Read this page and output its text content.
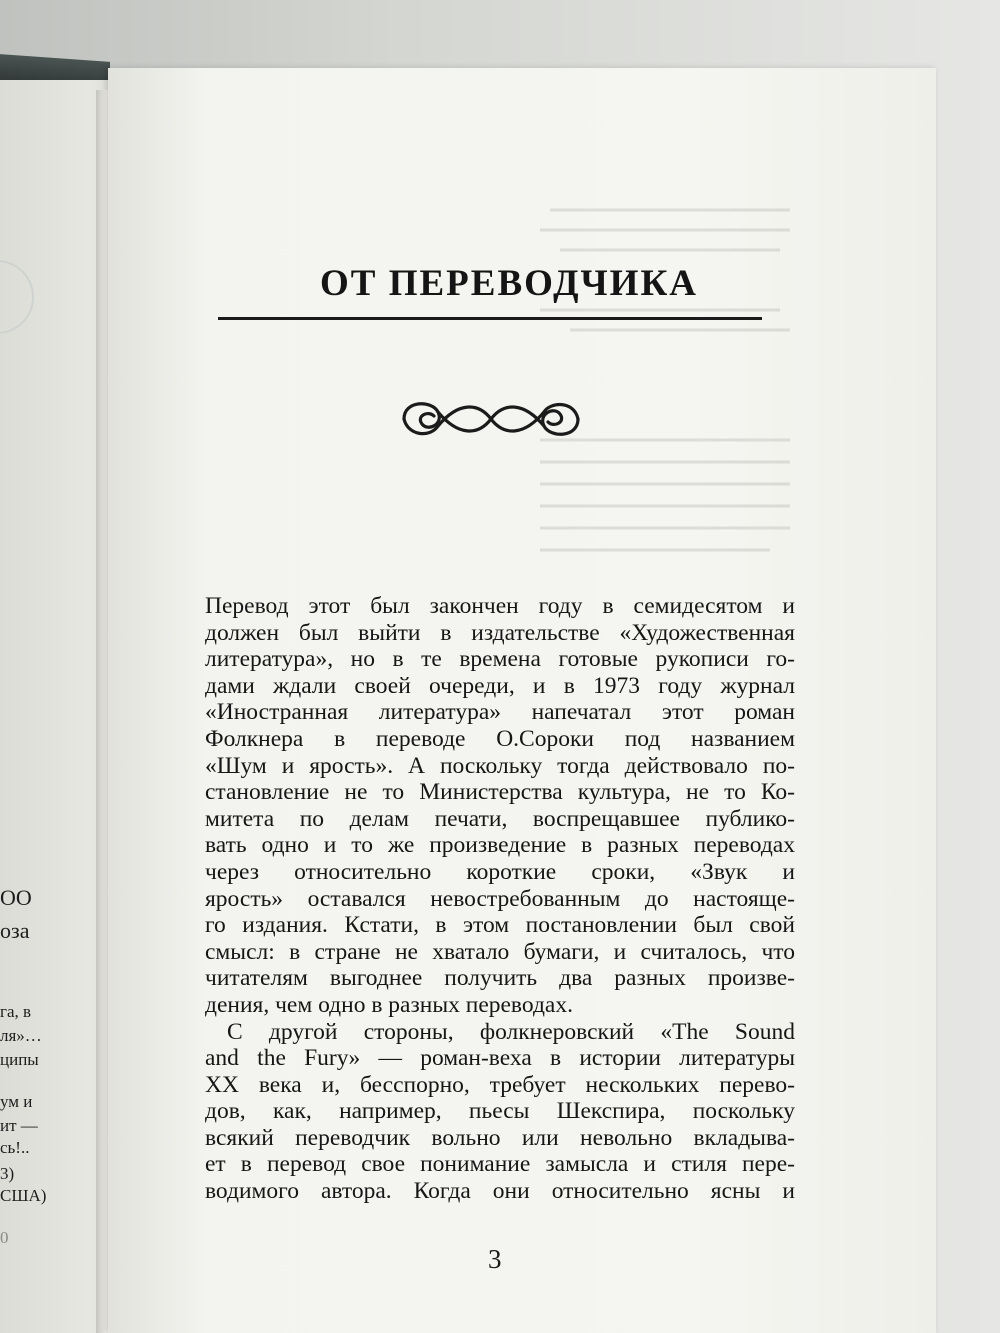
ОО
оза
га, в
ля»…
ципы
ум и
ит —
сь!..
3)
США)
0
ОТ ПЕРЕВОДЧИКА
Перевод этот был закончен году в семидесятом и
должен был выйти в издательстве «Художественная
литература», но в те времена готовые рукописи го-
дами ждали своей очереди, и в 1973 году журнал
«Иностранная литература» напечатал этот роман
Фолкнера в переводе О.Сороки под названием
«Шум и ярость». А поскольку тогда действовало по-
становление не то Министерства культура, не то Ко-
митета по делам печати, воспрещавшее публико-
вать одно и то же произведение в разных переводах
через относительно короткие сроки, «Звук и
ярость» оставался невостребованным до настояще-
го издания. Кстати, в этом постановлении был свой
смысл: в стране не хватало бумаги, и считалось, что
читателям выгоднее получить два разных произве-
дения, чем одно в разных переводах.
С другой стороны, фолкнеровский «The Sound
and the Fury» — роман-веха в истории литературы
XX века и, бесспорно, требует нескольких перево-
дов, как, например, пьесы Шекспира, поскольку
всякий переводчик вольно или невольно вкладыва-
ет в перевод свое понимание замысла и стиля пере-
водимого автора. Когда они относительно ясны и
3
